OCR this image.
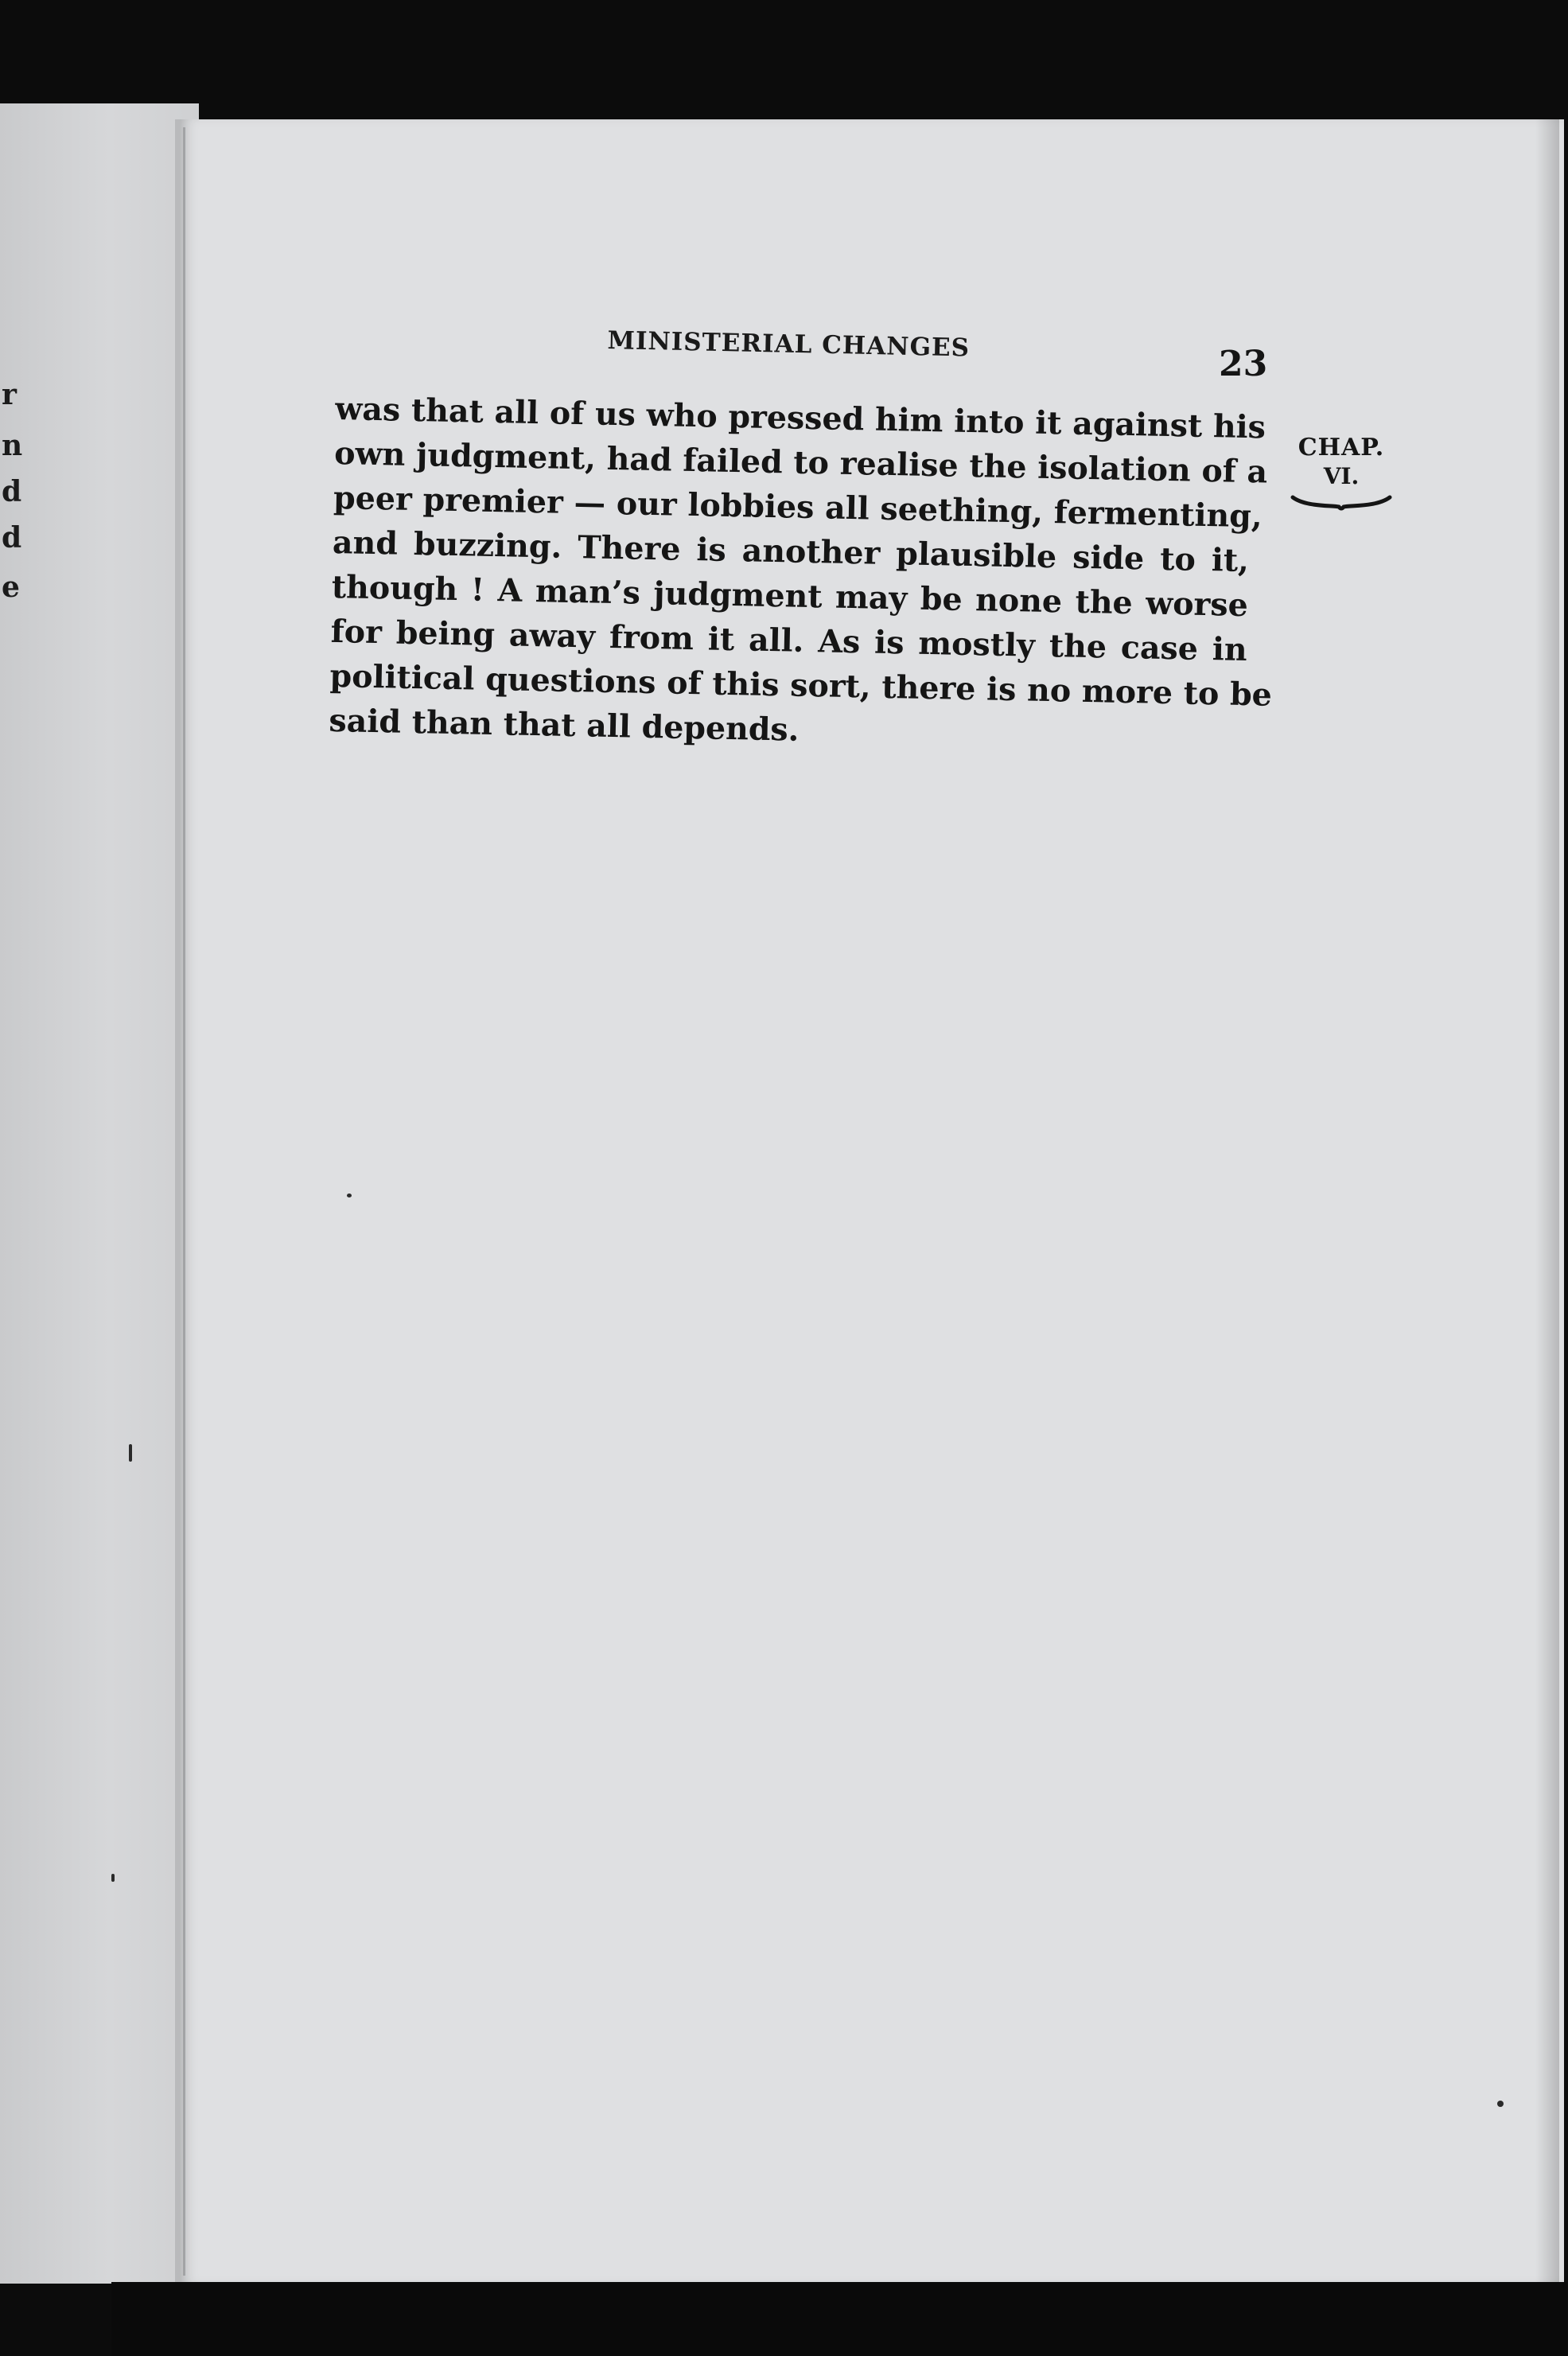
r
n
d
d
e
MINISTERIAL CHANGES	23
was that all of us who pressed him into it against his
own judgment, had failed to realise the isolation of a
peer premier — our lobbies all seething, fermenting,
and buzzing. There is another plausible side to it,
though ! A man’s judgment may be none the worse
for being away from it all. As is mostly the case in
political questions of this sort, there is no more to be
said than that all depends.
CHAP.
VI.
